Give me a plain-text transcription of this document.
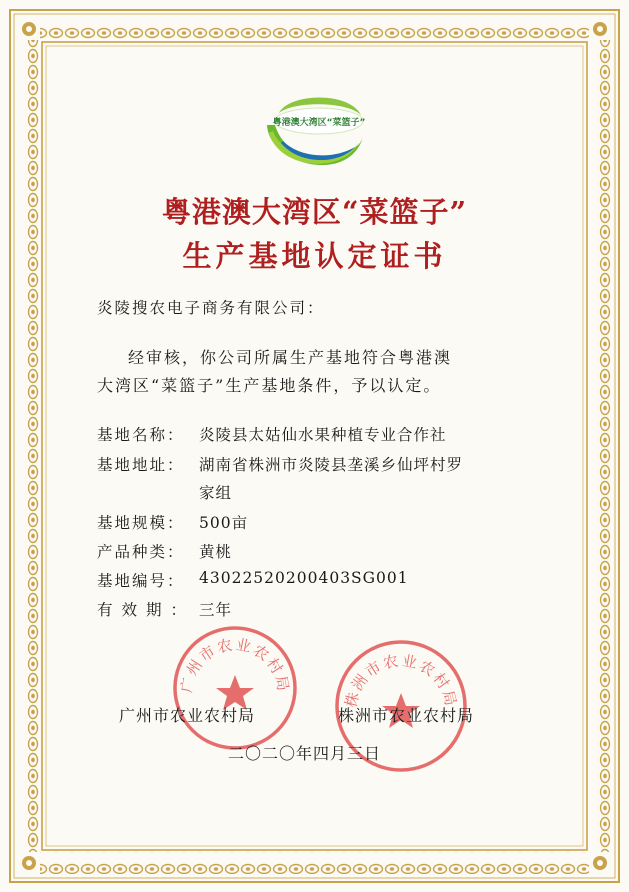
粤港澳大湾区“菜篮子”
粤港澳大湾区“菜篮子”
生产基地认定证书
炎陵搜农电子商务有限公司：
经审核，你公司所属生产基地符合粤港澳
大湾区“菜篮子”生产基地条件，予以认定。
基地名称： 炎陵县太姑仙水果种植专业合作社
基地地址： 湖南省株洲市炎陵县垄溪乡仙坪村罗
家组
基地规模： 500亩
产品种类： 黄桃
基地编号： 43022520200403SG001
有效期： 三年
广州市农业农村局
株洲市农业农村局
广州市农业农村局	株洲市农业农村局
二〇二〇年四月三日
